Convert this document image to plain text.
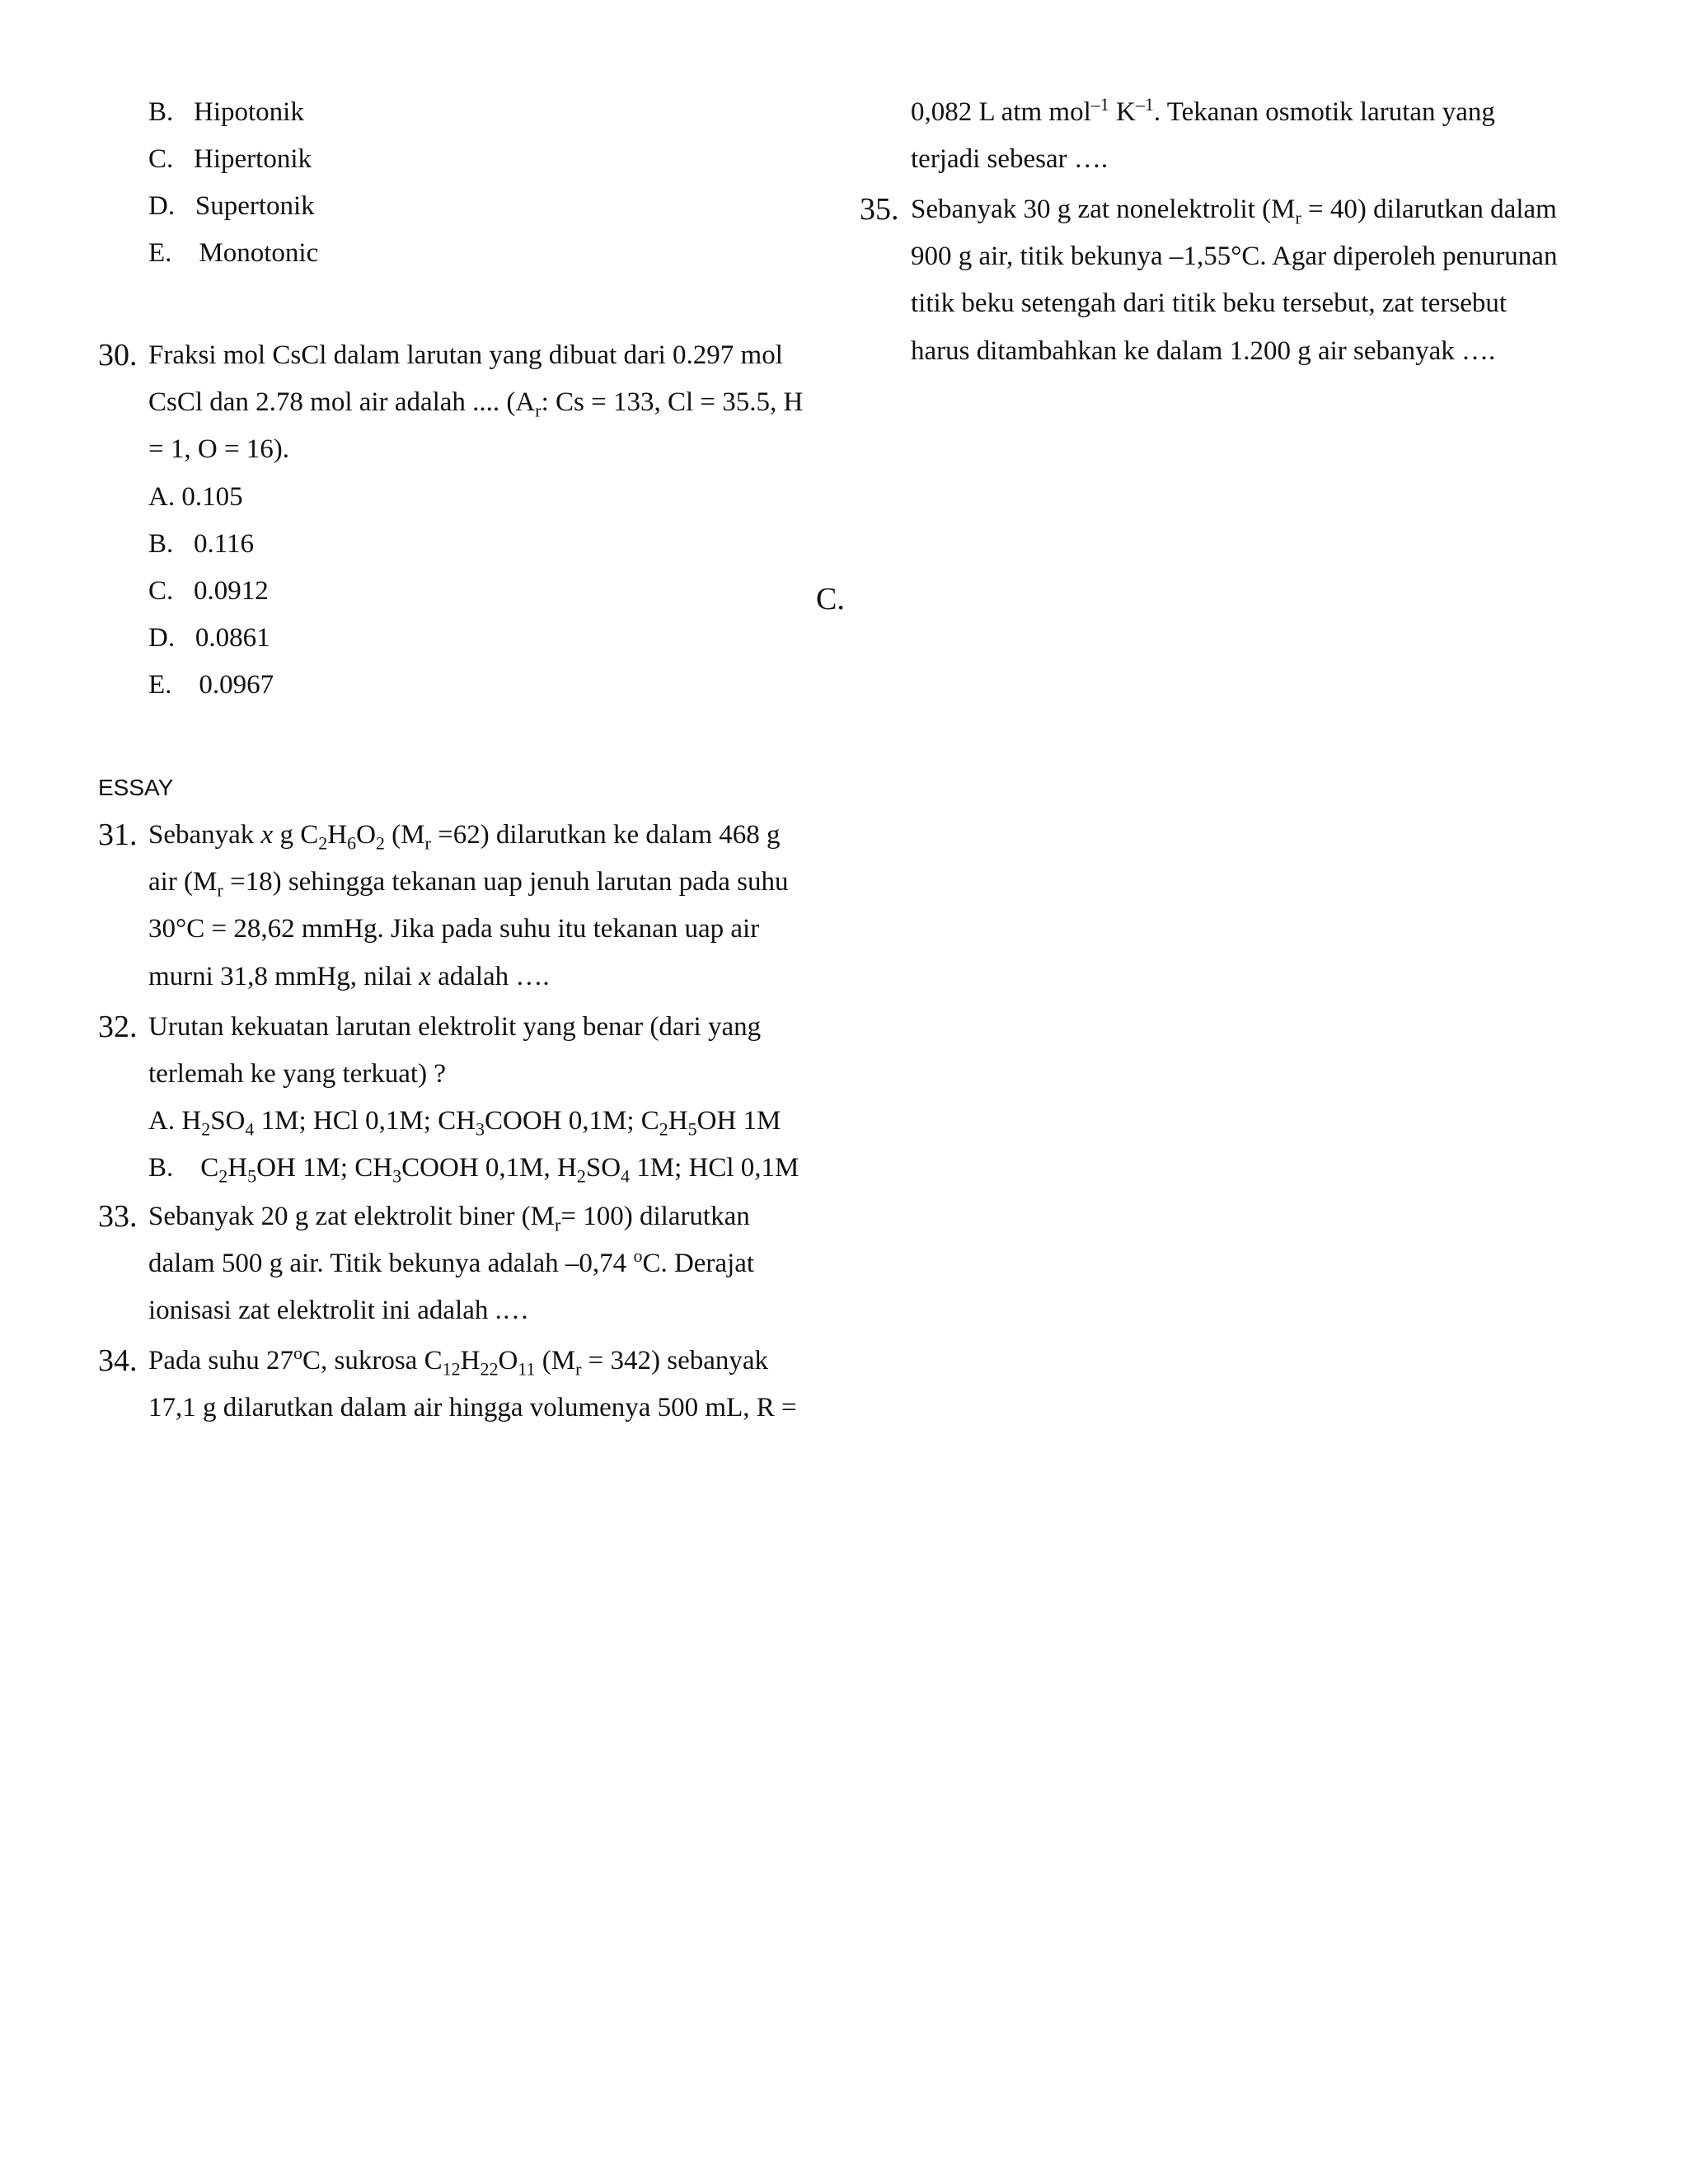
B. Hipotonik
C. Hipertonik
D. Supertonik
E. Monotonic
30. Fraksi mol CsCl dalam larutan yang dibuat dari 0.297 mol
CsCl dan 2.78 mol air adalah .... ($A_r$: Cs = 133, Cl = 35.5, H
= 1, O = 16).
A. 0.105
B. 0.116
C. 0.0912
D. 0.0861
E. 0.0967
ESSAY
31. Sebanyak x g $C_2H_6O_2$ $(M_r =62)$ dilarutkan ke dalam 468 g
air $(M_r =18)$ sehingga tekanan uap jenuh larutan pada suhu
30°C = 28,62 mmHg. Jika pada suhu itu tekanan uap air
murni 31,8 mmHg, nilai x adalah ….
32. Urutan kekuatan larutan elektrolit yang benar (dari yang
terlemah ke yang terkuat) ?
A. $H_2SO_4$ 1M; HCl 0,1M; $CH_3COOH$ 0,1M; $C_2H_5OH$ 1M
B. $C_2H_5OH$ 1M; $CH_3COOH$ 0,1M, $H_2SO_4$ 1M; HCl 0,1M
33. Sebanyak 20 g zat elektrolit biner $(M_r= 100)$ dilarutkan
dalam 500 g air. Titik bekunya adalah –0,74 $^o$C. Derajat
ionisasi zat elektrolit ini adalah .…
34. Pada suhu 27$^o$C, sukrosa $C_{12}H_{22}O_{11}$ $(M_r = 342)$ sebanyak
17,1 g dilarutkan dalam air hingga volumenya 500 mL, R =
C.
0,082 L atm mol$^{-1}$ $K^{-1}$. Tekanan osmotik larutan yang
terjadi sebesar ….
35. Sebanyak 30 g zat nonelektrolit $(M_r = 40)$ dilarutkan dalam
900 g air, titik bekunya –1,55°C. Agar diperoleh penurunan
titik beku setengah dari titik beku tersebut, zat tersebut
harus ditambahkan ke dalam 1.200 g air sebanyak ….
